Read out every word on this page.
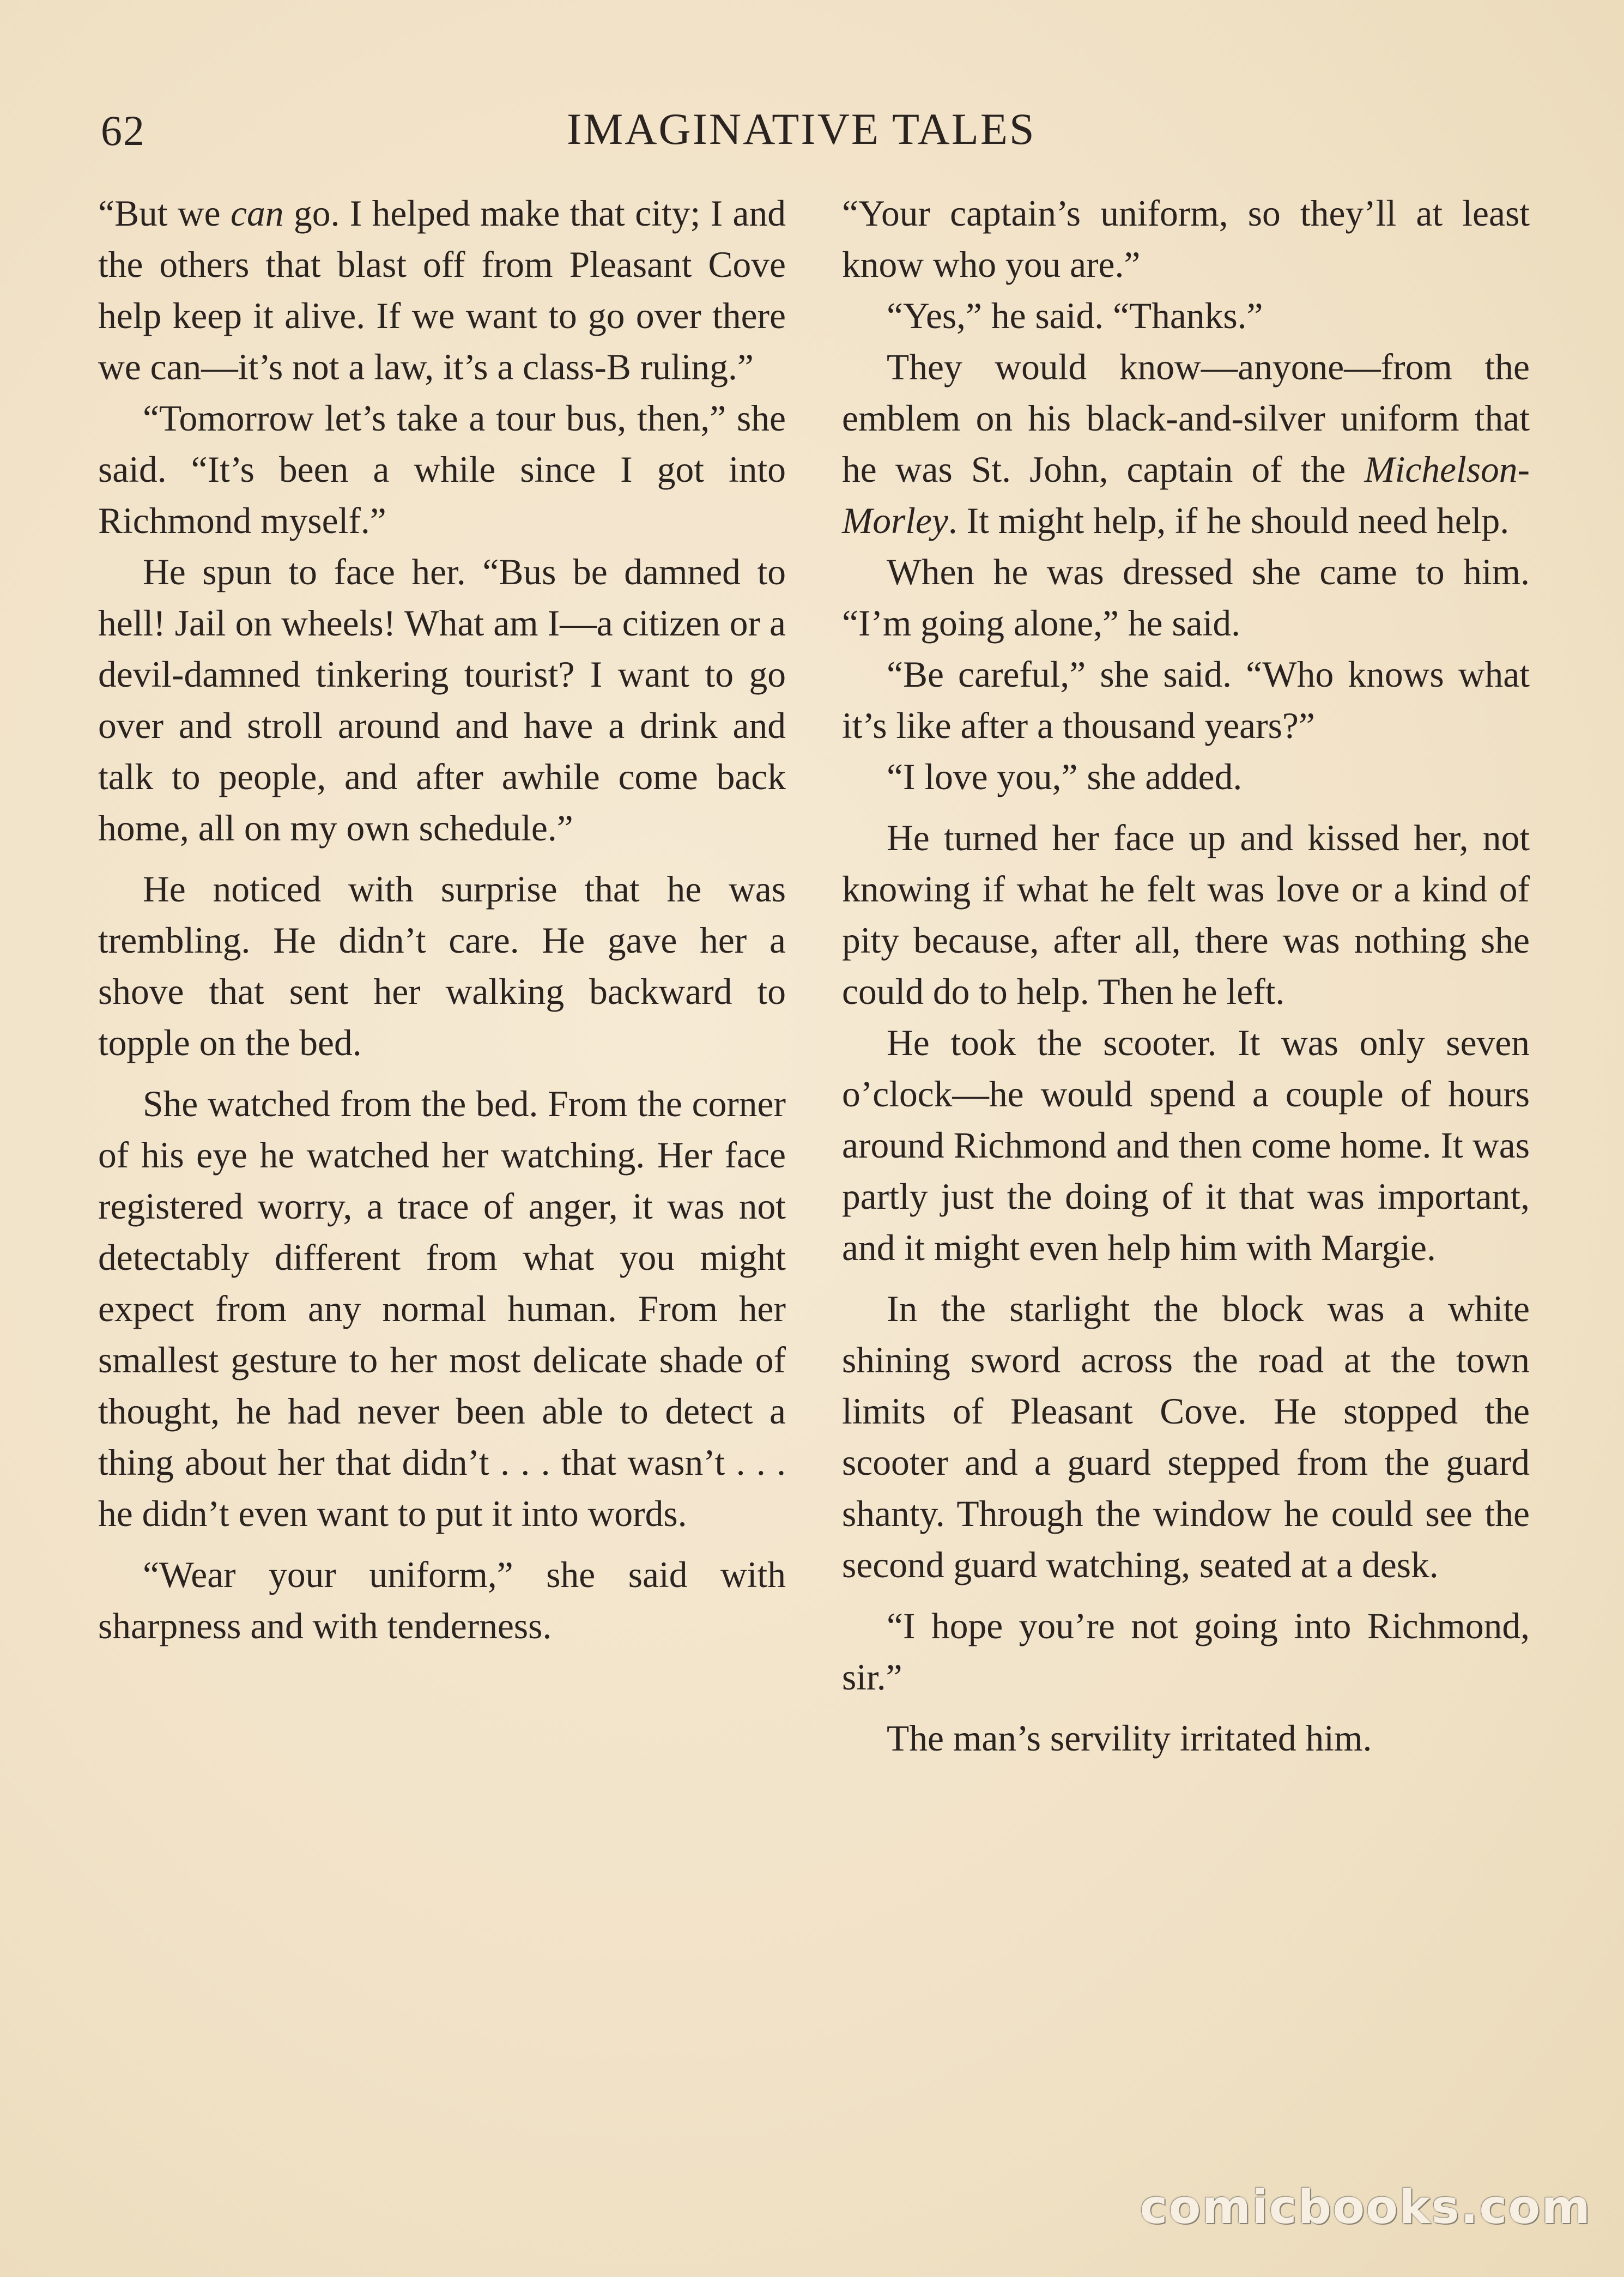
62	IMAGINATIVE TALES

“But we can go. I helped make that city; I and the others that blast off from Pleasant Cove help keep it alive. If we want to go over there we can—it’s not a law, it’s a class-B ruling.”

“Tomorrow let’s take a tour bus, then,” she said. “It’s been a while since I got into Richmond myself.”

He spun to face her. “Bus be damned to hell! Jail on wheels! What am I—a citizen or a devil-damned tinkering tourist? I want to go over and stroll around and have a drink and talk to people, and after awhile come back home, all on my own schedule.”

He noticed with surprise that he was trembling. He didn’t care. He gave her a shove that sent her walking backward to topple on the bed.

She watched from the bed. From the corner of his eye he watched her watching. Her face registered worry, a trace of anger, it was not detectably different from what you might expect from any normal human. From her smallest gesture to her most delicate shade of thought, he had never been able to detect a thing about her that didn’t . . . that wasn’t . . . he didn’t even want to put it into words.

“Wear your uniform,” she said with sharpness and with tenderness.

“Your captain’s uniform, so they’ll at least know who you are.”

“Yes,” he said. “Thanks.”

They would know—anyone—from the emblem on his black-and-silver uniform that he was St. John, captain of the Michelson-Morley. It might help, if he should need help.

When he was dressed she came to him. “I’m going alone,” he said.

“Be careful,” she said. “Who knows what it’s like after a thousand years?”

“I love you,” she added.

He turned her face up and kissed her, not knowing if what he felt was love or a kind of pity because, after all, there was nothing she could do to help. Then he left.

He took the scooter. It was only seven o’clock—he would spend a couple of hours around Richmond and then come home. It was partly just the doing of it that was important, and it might even help him with Margie.

In the starlight the block was a white shining sword across the road at the town limits of Pleasant Cove. He stopped the scooter and a guard stepped from the guard shanty. Through the window he could see the second guard watching, seated at a desk.

“I hope you’re not going into Richmond, sir.”

The man’s servility irritated him.

comicbooks.com
